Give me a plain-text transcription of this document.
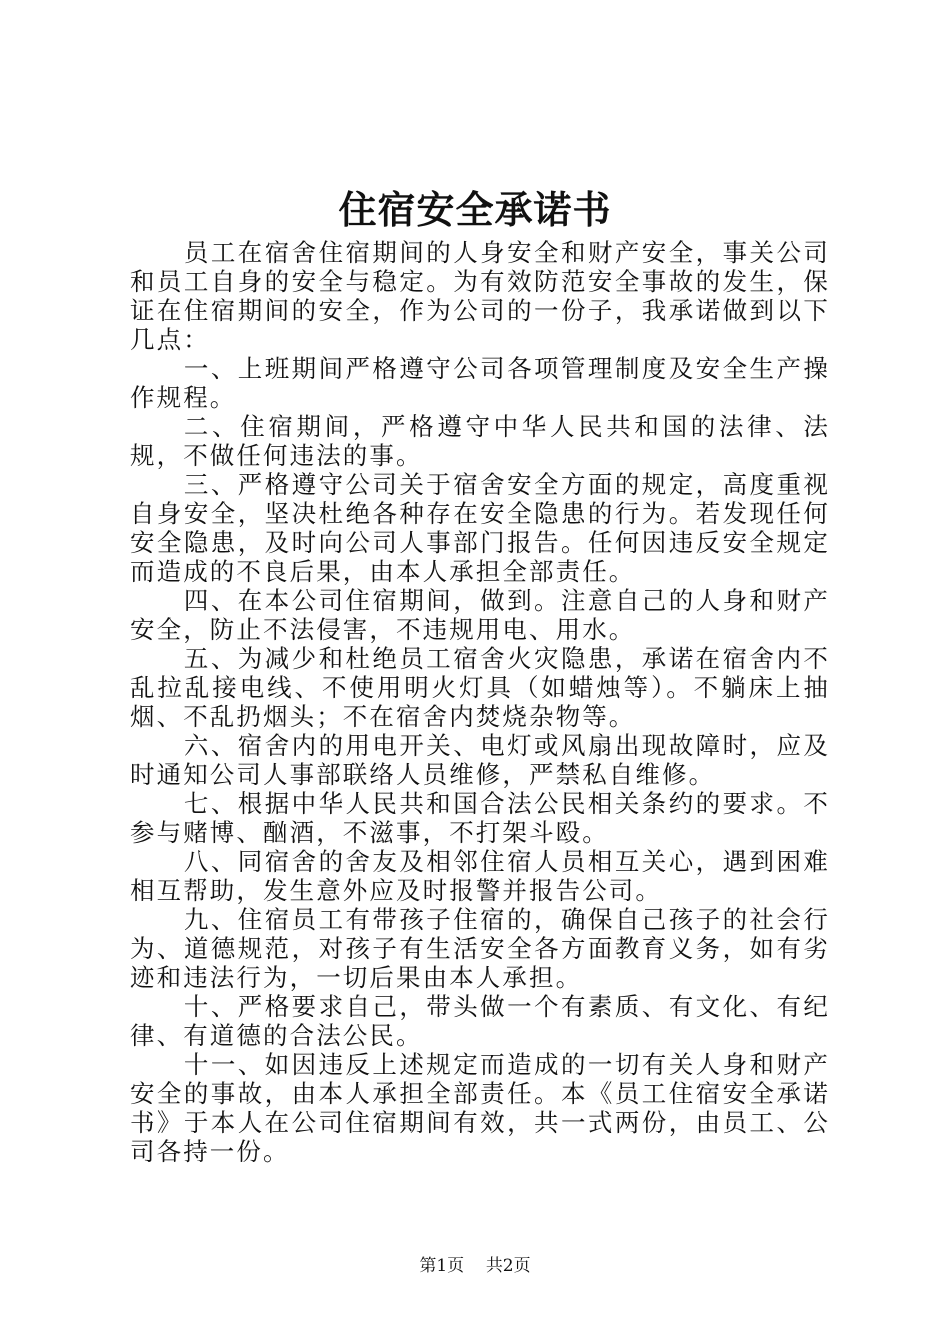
住宿安全承诺书

员工在宿舍住宿期间的人身安全和财产安全，事关公司和员工自身的安全与稳定。为有效防范安全事故的发生，保证在住宿期间的安全，作为公司的一份子，我承诺做到以下几点：

一、上班期间严格遵守公司各项管理制度及安全生产操作规程。

二、住宿期间，严格遵守中华人民共和国的法律、法规，不做任何违法的事。

三、严格遵守公司关于宿舍安全方面的规定，高度重视自身安全，坚决杜绝各种存在安全隐患的行为。若发现任何安全隐患，及时向公司人事部门报告。任何因违反安全规定而造成的不良后果，由本人承担全部责任。

四、在本公司住宿期间，做到。注意自己的人身和财产安全，防止不法侵害，不违规用电、用水。

五、为减少和杜绝员工宿舍火灾隐患，承诺在宿舍内不乱拉乱接电线、不使用明火灯具（如蜡烛等）。不躺床上抽烟、不乱扔烟头；不在宿舍内焚烧杂物等。

六、宿舍内的用电开关、电灯或风扇出现故障时，应及时通知公司人事部联络人员维修，严禁私自维修。

七、根据中华人民共和国合法公民相关条约的要求。不参与赌博、酗酒，不滋事，不打架斗殴。

八、同宿舍的舍友及相邻住宿人员相互关心，遇到困难相互帮助，发生意外应及时报警并报告公司。

九、住宿员工有带孩子住宿的，确保自己孩子的社会行为、道德规范，对孩子有生活安全各方面教育义务，如有劣迹和违法行为，一切后果由本人承担。

十、严格要求自己，带头做一个有素质、有文化、有纪律、有道德的合法公民。

十一、如因违反上述规定而造成的一切有关人身和财产安全的事故，由本人承担全部责任。本《员工住宿安全承诺书》于本人在公司住宿期间有效，共一式两份，由员工、公司各持一份。

第1页 共2页
